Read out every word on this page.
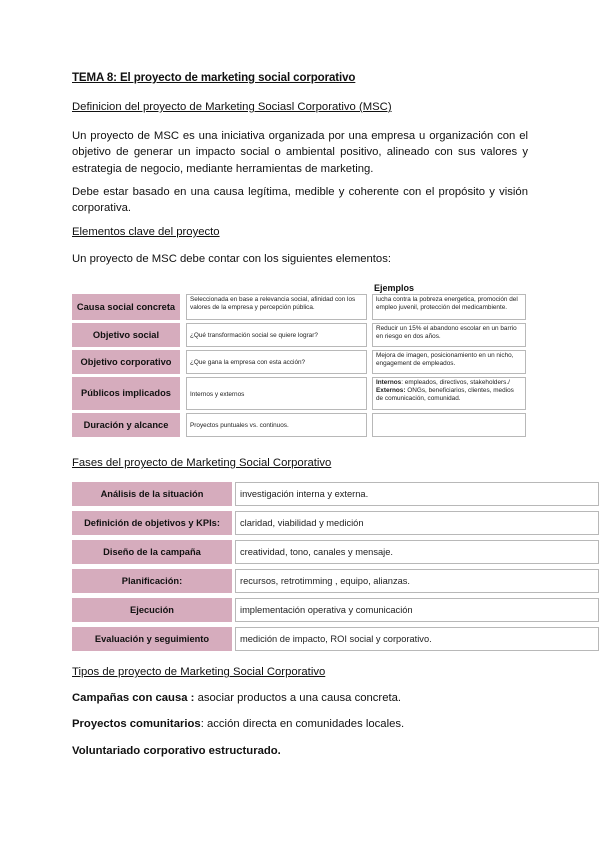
TEMA 8: El proyecto de marketing social corporativo
Definicion del proyecto de Marketing Sociasl Corporativo (MSC)
Un proyecto de MSC es una iniciativa organizada por una empresa u organización con el objetivo de generar un impacto social o ambiental positivo, alineado con sus valores y estrategia de negocio, mediante herramientas de marketing.
Debe estar basado en una causa legítima, medible y coherente con el propósito y visión corporativa.
Elementos clave del proyecto
Un proyecto de MSC debe contar con los siguientes elementos:
Ejemplos
Causa social concreta		Seleccionada en base a relevancia social, afinidad con los valores de la empresa y percepción pública.		lucha contra la pobreza energetica, promoción del empleo juvenil, protección del medicambiente.

Objetivo social		¿Qué transformación social se quiere lograr?		Reducir un 15% el abandono escolar en un barrio en riesgo en dos años.

Objetivo corporativo		¿Que gana la empresa con esta acción?		Mejora de imagen, posicionamiento en un nicho, engagement de empleados.

Públicos implicados		Internos y externos		Internos: empleados, directivos, stakeholders./ Externos: ONGs, beneficiarios, clientes, medios de comunicación, comunidad.

Duración y alcance		Proyectos puntuales vs. continuos.		

Fases del proyecto de Marketing Social Corporativo
Análisis de la situación	investigación interna y externa.
Definición de objetivos y KPIs:	claridad, viabilidad y medición
Diseño de la campaña	creatividad, tono, canales y mensaje.
Planificación:	recursos, retrotimming , equipo, alianzas.
Ejecución	implementación operativa y comunicación
Evaluación y seguimiento	medición de impacto, ROI social y corporativo.
Tipos de proyecto de Marketing Social Corporativo
Campañas con causa : asociar productos a una causa concreta.
Proyectos comunitarios: acción directa en comunidades locales.
Voluntariado corporativo estructurado.
